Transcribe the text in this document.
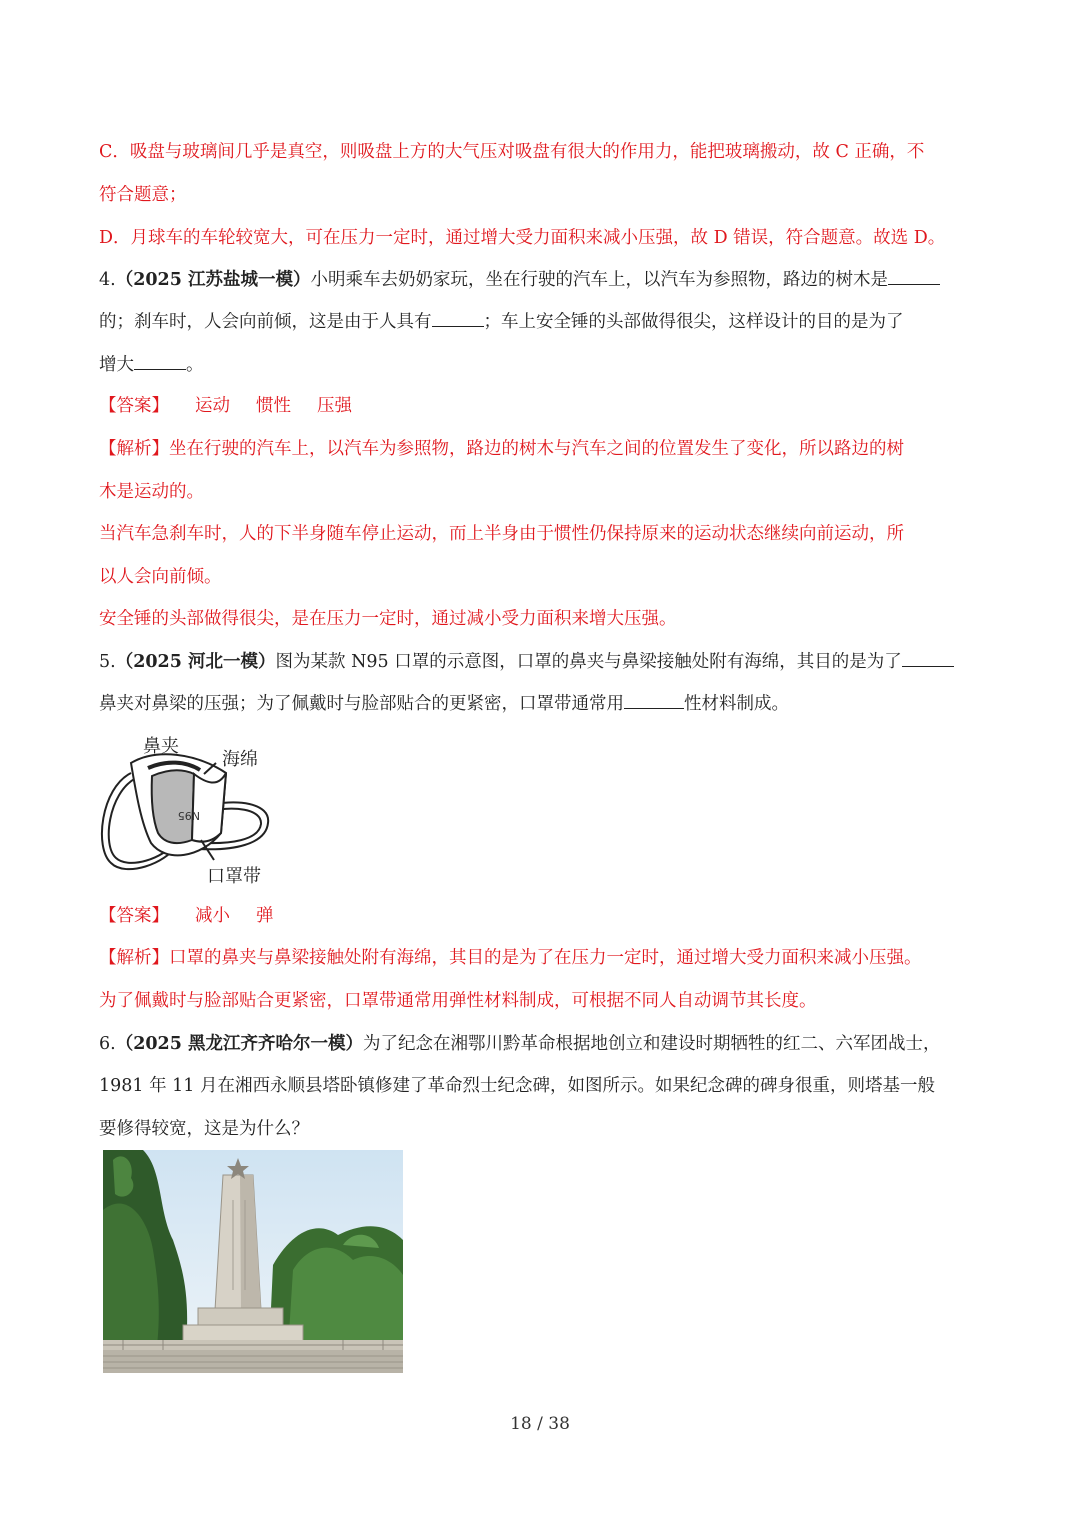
C．吸盘与玻璃间几乎是真空，则吸盘上方的大气压对吸盘有很大的作用力，能把玻璃搬动，故 C 正确，不
符合题意；
D．月球车的车轮较宽大，可在压力一定时，通过增大受力面积来减小压强，故 D 错误，符合题意。故选 D。
4.（2025 江苏盐城一模）小明乘车去奶奶家玩，坐在行驶的汽车上，以汽车为参照物，路边的树木是
的；刹车时，人会向前倾，这是由于人具有	；车上安全锤的头部做得很尖，这样设计的目的是为了
增大	。
【答案】 运动 惯性 压强
【解析】坐在行驶的汽车上，以汽车为参照物，路边的树木与汽车之间的位置发生了变化，所以路边的树
木是运动的。
当汽车急刹车时，人的下半身随车停止运动，而上半身由于惯性仍保持原来的运动状态继续向前运动，所
以人会向前倾。
安全锤的头部做得很尖，是在压力一定时，通过减小受力面积来增大压强。
5.（2025 河北一模）图为某款 N95 口罩的示意图，口罩的鼻夹与鼻梁接触处附有海绵，其目的是为了
鼻夹对鼻梁的压强；为了佩戴时与脸部贴合的更紧密，口罩带通常用	性材料制成。
N95
鼻夹
海绵
口罩带
【答案】 减小 弹
【解析】口罩的鼻夹与鼻梁接触处附有海绵，其目的是为了在压力一定时，通过增大受力面积来减小压强。
为了佩戴时与脸部贴合更紧密，口罩带通常用弹性材料制成，可根据不同人自动调节其长度。
6.（2025 黑龙江齐齐哈尔一模）为了纪念在湘鄂川黔革命根据地创立和建设时期牺牲的红二、六军团战士，
1981 年 11 月在湘西永顺县塔卧镇修建了革命烈士纪念碑，如图所示。如果纪念碑的碑身很重，则塔基一般
要修得较宽，这是为什么？
18 / 38
